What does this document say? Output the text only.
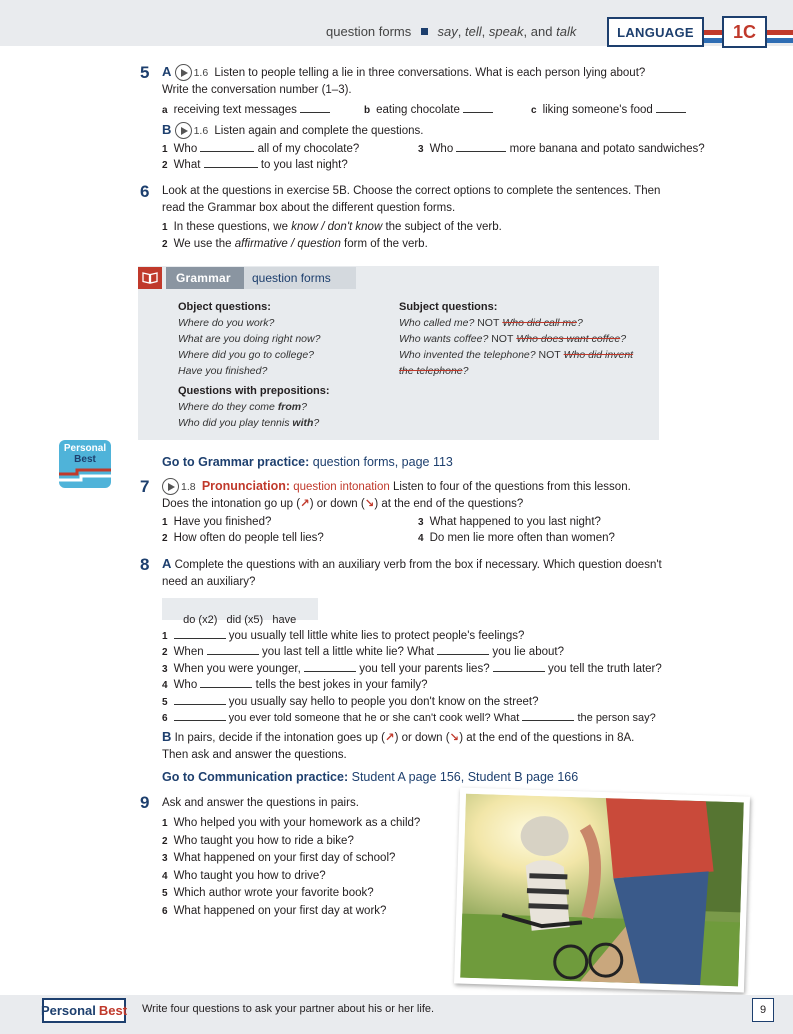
question forms say, tell, speak, and talk	LANGUAGE 1C
5 A 1.6 Listen to people telling a lie in three conversations. What is each person lying about?
Write the conversation number (1–3).
a receiving text messages	b eating chocolate	c liking someone's food
B 1.6 Listen again and complete the questions.
1 Who	all of my chocolate?	3 Who	more banana and potato sandwiches?
2 What	to you last night?
6 Look at the questions in exercise 5B. Choose the correct options to complete the sentences. Then
read the Grammar box about the different question forms.
1 In these questions, we know / don't know the subject of the verb.
2 We use the affirmative / question form of the verb.
Grammar question forms
Object questions:
Where do you work?
What are you doing right now?
Where did you go to college?
Have you finished?
Questions with prepositions:
Where do they come from?
Who did you play tennis with?
Subject questions:
Who called me? NOT Who did call me?
Who wants coffee? NOT Who does want coffee?
Who invented the telephone? NOT Who did invent
the telephone?
Personal
Best	Go to Grammar practice: question forms, page 113
7	1.8 Pronunciation: question intonation Listen to four of the questions from this lesson.
Does the intonation go up (↗) or down (↘) at the end of the questions?
1 Have you finished?
2 How often do people tell lies?
3 What happened to you last night?
4 Do men lie more often than women?
8 A Complete the questions with an auxiliary verb from the box if necessary. Which question doesn't
need an auxiliary?

do (x2)   did (x5)   have

1	you usually tell little white lies to protect people's feelings?
2 When	you last tell a little white lie? What	you lie about?
3 When you were younger,	you tell your parents lies?	you tell the truth later?
4 Who	tells the best jokes in your family?
5	you usually say hello to people you don't know on the street?
6	you ever told someone that he or she can't cook well? What	the person say?
B In pairs, decide if the intonation goes up (↗) or down (↘) at the end of the questions in 8A.
Then ask and answer the questions.
Go to Communication practice: Student A page 156, Student B page 166
9 Ask and answer the questions in pairs.
1 Who helped you with your homework as a child?
2 Who taught you how to ride a bike?
3 What happened on your first day of school?
4 Who taught you how to drive?
5 Which author wrote your favorite book?
6 What happened on your first day at work?
Personal Best Write four questions to ask your partner about his or her life.	9
